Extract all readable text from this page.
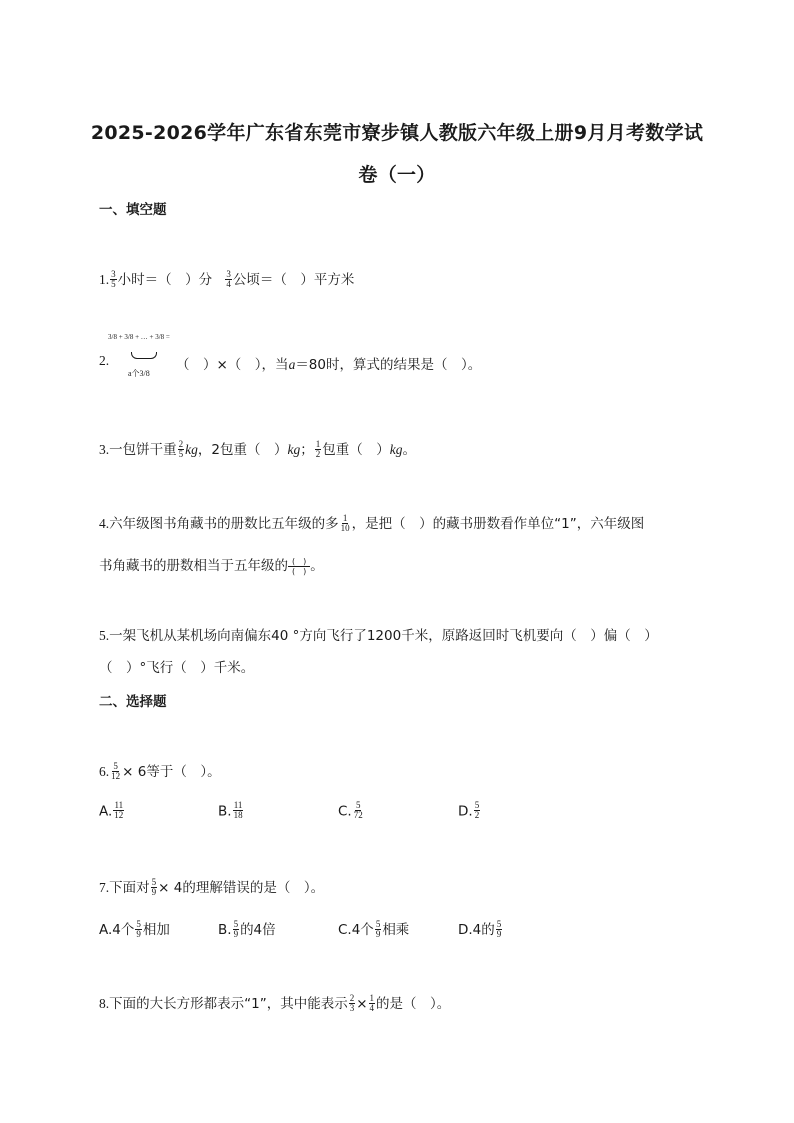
2025-2026学年广东省东莞市寮步镇人教版六年级上册9月月考数学试
卷（一）
一、填空题
1. $\frac{3}{5}$ 小时＝（　）分 $\frac{3}{4}$ 公顷＝（　）平方米
2.
3/8 + 3/8 + … + 3/8 =
a个3/8
（　）×（　），当a＝80时，算式的结果是（　）。
3.一包饼干重 $\frac{2}{5}$ kg，2包重（　）kg； $\frac{1}{2}$ 包重（　）kg。
4.六年级图书角藏书的册数比五年级的多 $\frac{1}{10}$ ，是把（　）的藏书册数看作单位“1”，六年级图
书角藏书的册数相当于五年级的 $\frac{( )}{( )}$ 。
5.一架飞机从某机场向南偏东40 °方向飞行了1200千米，原路返回时飞机要向（　）偏（　）
（　）°飞行（　）千米。
二、选择题
6. $\frac{5}{12} \times 6$等于（　）。
A. $\frac{11}{12}$	B. $\frac{11}{18}$	C. $\frac{5}{72}$	D. $\frac{5}{2}$
7.下面对 $\frac{5}{9} \times 4$的理解错误的是（　）。
A.4个 $\frac{5}{9}$ 相加	B. $\frac{5}{9}$ 的4倍	C.4个 $\frac{5}{9}$ 相乘	D.4的 $\frac{5}{9}$
8.下面的大长方形都表示“1”，其中能表示 $\frac{2}{3} \times \frac{1}{4}$ 的是（　）。
